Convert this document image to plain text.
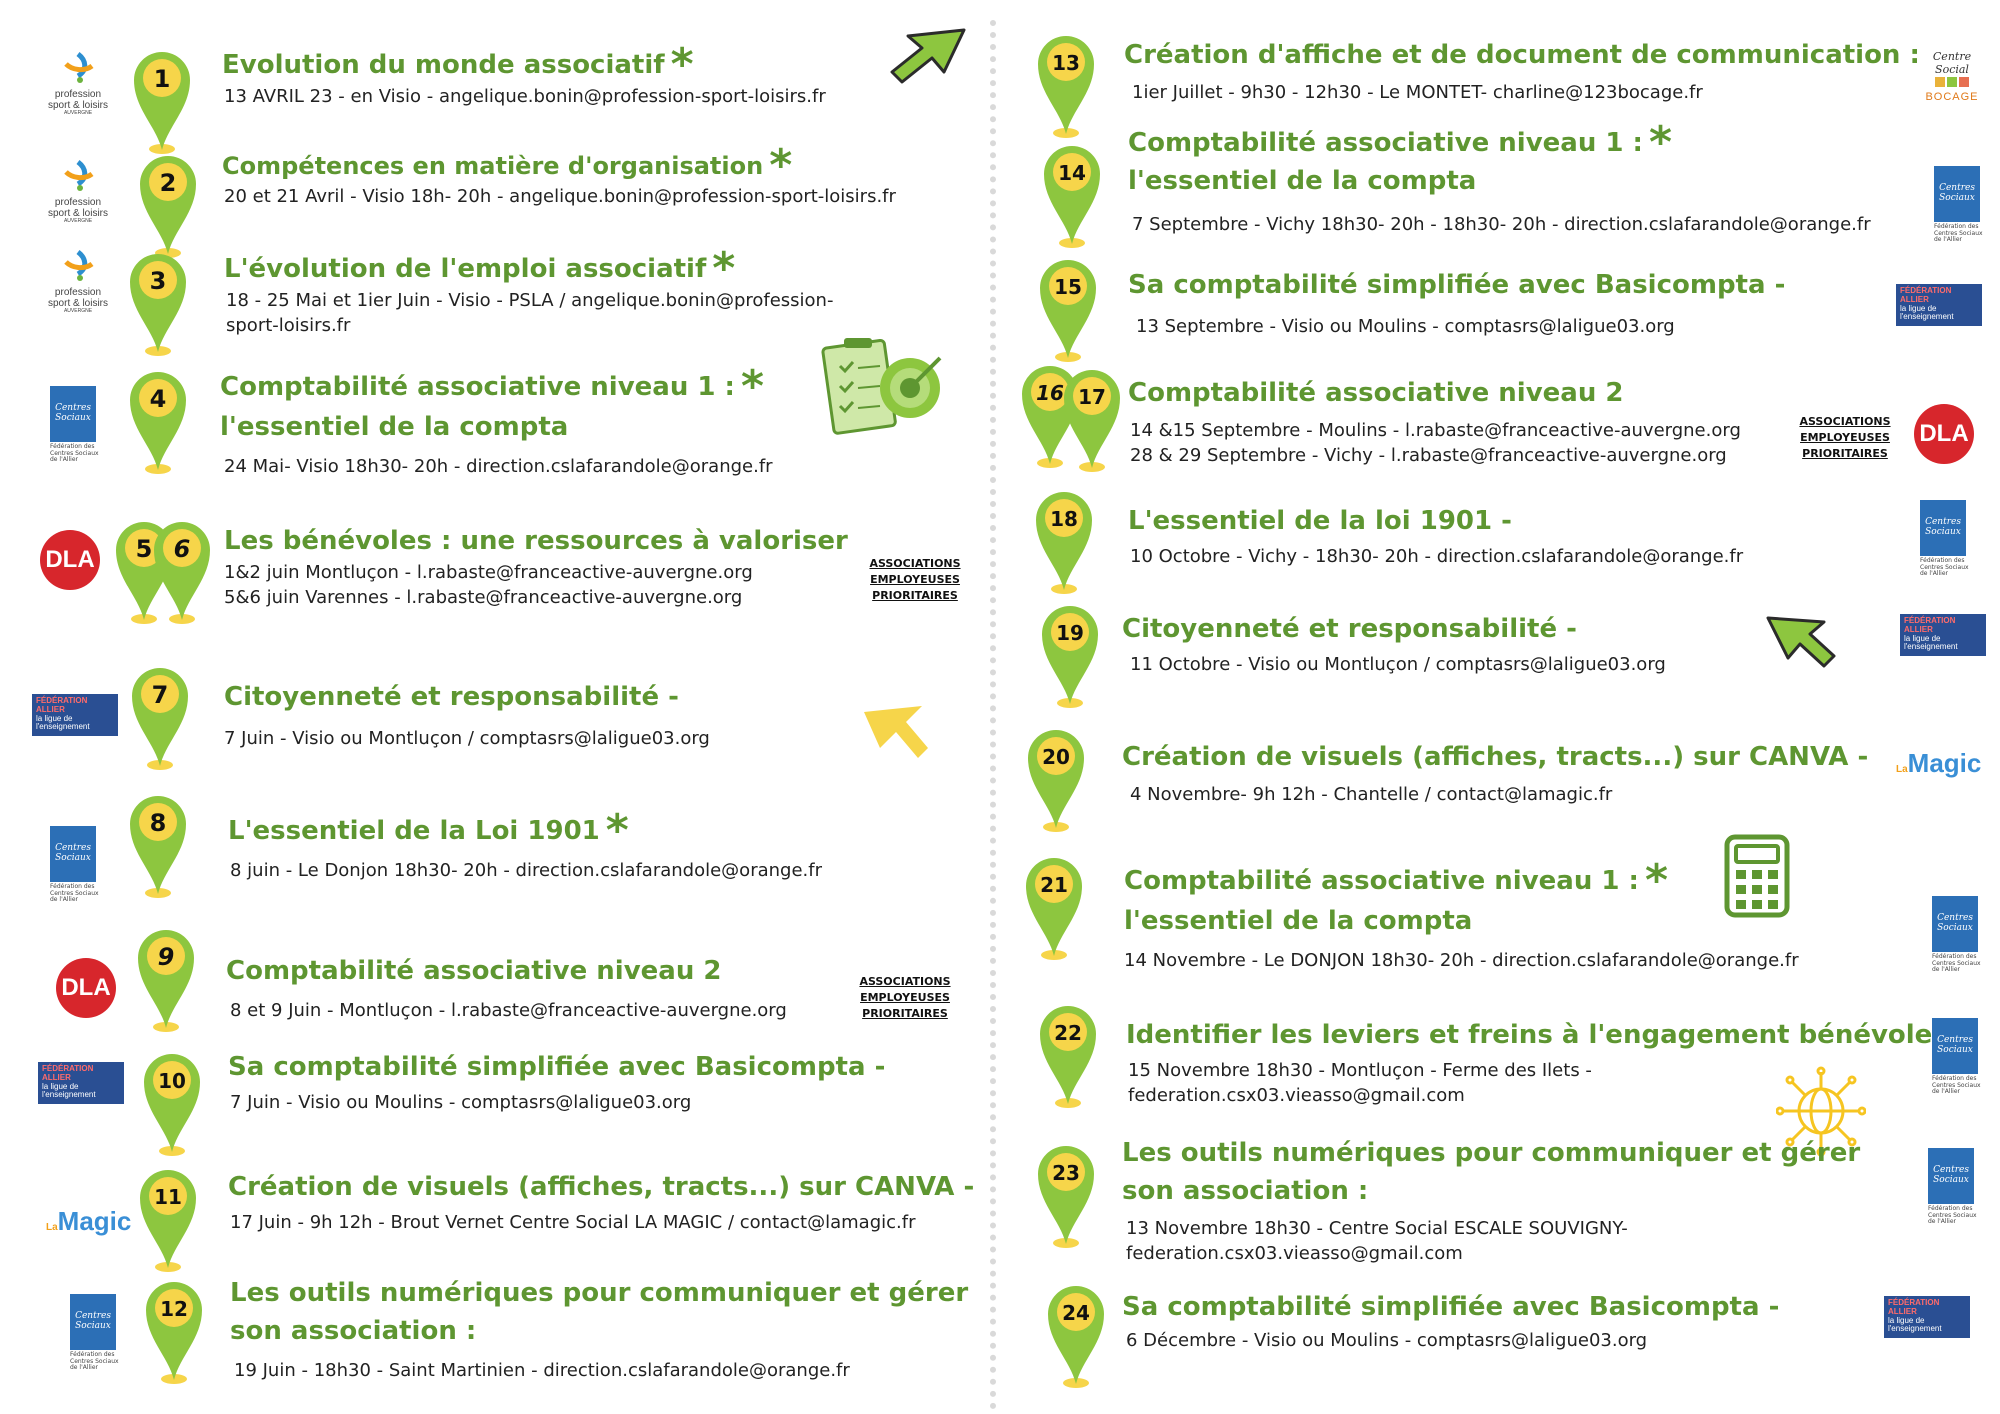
profession
sport & loisirs
AUVERGNE
1 Evolution du monde associatif *
13 AVRIL 23 - en Visio - angelique.bonin@profession-sport-loisirs.fr
profession
sport & loisirs
AUVERGNE
2
Compétences en matière d'organisation *
20 et 21 Avril - Visio 18h- 20h - angelique.bonin@profession-sport-loisirs.fr
profession
sport & loisirs
AUVERGNE
3 L'évolution de l'emploi associatif *
18 - 25 Mai et 1ier Juin - Visio - PSLA / angelique.bonin@profession-
sport-loisirs.fr
Centres Sociaux
Fédération des Centres Sociaux de l'Allier
4 Comptabilité associative niveau 1 : *
l'essentiel de la compta
24 Mai- Visio 18h30- 20h - direction.cslafarandole@orange.fr
DLA 5 6 Les bénévoles : une ressources à valoriser
1&2 juin Montluçon - l.rabaste@franceactive-auvergne.org
5&6 juin Varennes - l.rabaste@franceactive-auvergne.org
ASSOCIATIONS
EMPLOYEUSES
PRIORITAIRES
FÉDÉRATION ALLIER
la ligue de
l'enseignement
7 Citoyenneté et responsabilité -
7 Juin - Visio ou Montluçon / comptasrs@laligue03.org
Centres Sociaux
Fédération des Centres Sociaux de l'Allier
8 L'essentiel de la Loi 1901 *
8 juin - Le Donjon 18h30- 20h - direction.cslafarandole@orange.fr
DLA
9 Comptabilité associative niveau 2
8 et 9 Juin - Montluçon - l.rabaste@franceactive-auvergne.org
ASSOCIATIONS
EMPLOYEUSES
PRIORITAIRES
FÉDÉRATION ALLIER
la ligue de
l'enseignement
10 Sa comptabilité simplifiée avec Basicompta -
7 Juin - Visio ou Moulins - comptasrs@laligue03.org
LaMagic
11 Création de visuels (affiches, tracts...) sur CANVA -
17 Juin - 9h 12h - Brout Vernet Centre Social LA MAGIC / contact@lamagic.fr
Centres Sociaux
Fédération des Centres Sociaux de l'Allier
12
Les outils numériques pour communiquer et gérer
son association :
19 Juin - 18h30 - Saint Martinien - direction.cslafarandole@orange.fr
13 Création d'affiche et de document de communication :
1ier Juillet - 9h30 - 12h30 - Le MONTET- charline@123bocage.fr
Centre Social
BOCAGE
14
Comptabilité associative niveau 1 : *
l'essentiel de la compta
7 Septembre - Vichy 18h30- 20h - 18h30- 20h - direction.cslafarandole@orange.fr
Centres Sociaux
Fédération des Centres Sociaux de l'Allier
15 Sa comptabilité simplifiée avec Basicompta -
13 Septembre - Visio ou Moulins - comptasrs@laligue03.org
FÉDÉRATION ALLIER
la ligue de
l'enseignement
16 17 Comptabilité associative niveau 2
14 &15 Septembre - Moulins - l.rabaste@franceactive-auvergne.org
28 & 29 Septembre - Vichy - l.rabaste@franceactive-auvergne.org
ASSOCIATIONS
EMPLOYEUSES
PRIORITAIRES
DLA
18 L'essentiel de la loi 1901 -
10 Octobre - Vichy - 18h30- 20h - direction.cslafarandole@orange.fr
Centres Sociaux
Fédération des Centres Sociaux de l'Allier
19 Citoyenneté et responsabilité -
11 Octobre - Visio ou Montluçon / comptasrs@laligue03.org
FÉDÉRATION ALLIER
la ligue de
l'enseignement
20 Création de visuels (affiches, tracts...) sur CANVA -
4 Novembre- 9h 12h - Chantelle / contact@lamagic.fr
LaMagic
21 Comptabilité associative niveau 1 : *
l'essentiel de la compta
14 Novembre - Le DONJON 18h30- 20h - direction.cslafarandole@orange.fr
Centres Sociaux
Fédération des Centres Sociaux de l'Allier
22 Identifier les leviers et freins à l'engagement bénévole
15 Novembre 18h30 - Montluçon - Ferme des Ilets -
federation.csx03.vieasso@gmail.com
Centres Sociaux
Fédération des Centres Sociaux de l'Allier
23
Les outils numériques pour communiquer et gérer
son association :
13 Novembre 18h30 - Centre Social ESCALE SOUVIGNY-
federation.csx03.vieasso@gmail.com
Centres Sociaux
Fédération des Centres Sociaux de l'Allier
24 Sa comptabilité simplifiée avec Basicompta -
6 Décembre - Visio ou Moulins - comptasrs@laligue03.org
FÉDÉRATION ALLIER
la ligue de
l'enseignement
